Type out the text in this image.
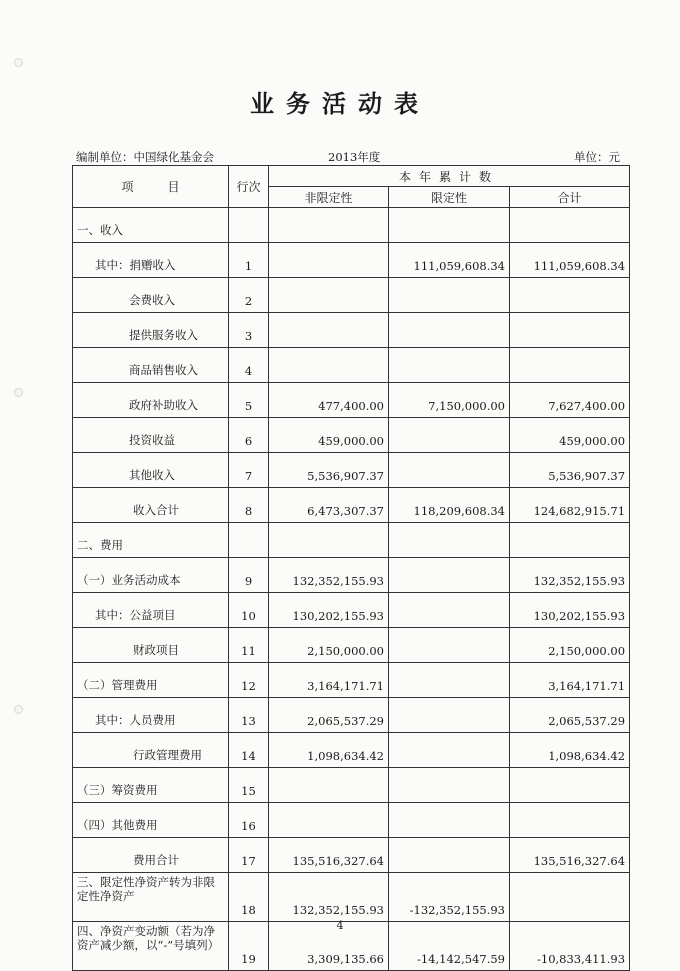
业务活动表
编制单位：中国绿化基金会	2013年度	单位：元
项目	行次	本年累计数		
		非限定性	限定性	合计
一、收入				
其中：捐赠收入	1		111,059,608.34	111,059,608.34
会费收入	2			
提供服务收入	3			
商品销售收入	4			
政府补助收入	5	477,400.00	7,150,000.00	7,627,400.00
投资收益	6	459,000.00		459,000.00
其他收入	7	5,536,907.37		5,536,907.37
收入合计	8	6,473,307.37	118,209,608.34	124,682,915.71
二、费用				
（一）业务活动成本	9	132,352,155.93		132,352,155.93
其中：公益项目	10	130,202,155.93		130,202,155.93
财政项目	11	2,150,000.00		2,150,000.00
（二）管理费用	12	3,164,171.71		3,164,171.71
其中：人员费用	13	2,065,537.29		2,065,537.29
行政管理费用	14	1,098,634.42		1,098,634.42
（三）筹资费用	15			
（四）其他费用	16			
费用合计	17	135,516,327.64		135,516,327.64
三、限定性净资产转为非限定性净资产	18	132,352,155.93	-132,352,155.93	
四、净资产变动额（若为净资产减少额，以“-”号填列）	19	3,309,135.66	-14,142,547.59	-10,833,411.93
4
